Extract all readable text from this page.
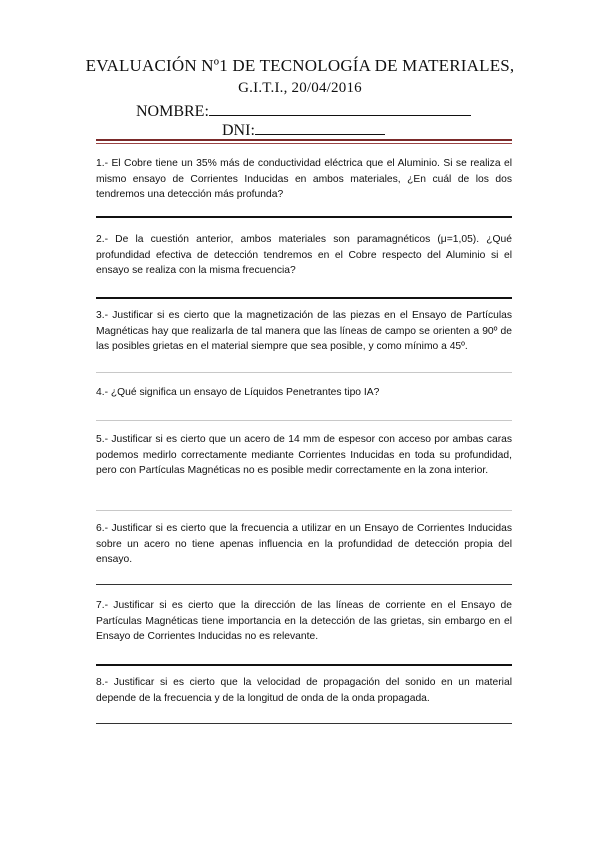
EVALUACIÓN Nº1 DE TECNOLOGÍA DE MATERIALES,
G.I.T.I., 20/04/2016
NOMBRE:
DNI:
1.- El Cobre tiene un 35% más de conductividad eléctrica que el Aluminio. Si se realiza el mismo ensayo de Corrientes Inducidas en ambos materiales, ¿En cuál de los dos tendremos una detección más profunda?
2.- De la cuestión anterior, ambos materiales son paramagnéticos (μ=1,05). ¿Qué profundidad efectiva de detección tendremos en el Cobre respecto del Aluminio si el ensayo se realiza con la misma frecuencia?
3.- Justificar si es cierto que la magnetización de las piezas en el Ensayo de Partículas Magnéticas hay que realizarla de tal manera que las líneas de campo se orienten a 90º de las posibles grietas en el material siempre que sea posible, y como mínimo a 45º.
4.- ¿Qué significa un ensayo de Líquidos Penetrantes tipo IA?
5.- Justificar si es cierto que un acero de 14 mm de espesor con acceso por ambas caras podemos medirlo correctamente mediante Corrientes Inducidas en toda su profundidad, pero con Partículas Magnéticas no es posible medir correctamente en la zona interior.
6.- Justificar si es cierto que la frecuencia a utilizar en un Ensayo de Corrientes Inducidas sobre un acero no tiene apenas influencia en la profundidad de detección propia del ensayo.
7.- Justificar si es cierto que la dirección de las líneas de corriente en el Ensayo de Partículas Magnéticas tiene importancia en la detección de las grietas, sin embargo en el Ensayo de Corrientes Inducidas no es relevante.
8.- Justificar si es cierto que la velocidad de propagación del sonido en un material depende de la frecuencia y de la longitud de onda de la onda propagada.
